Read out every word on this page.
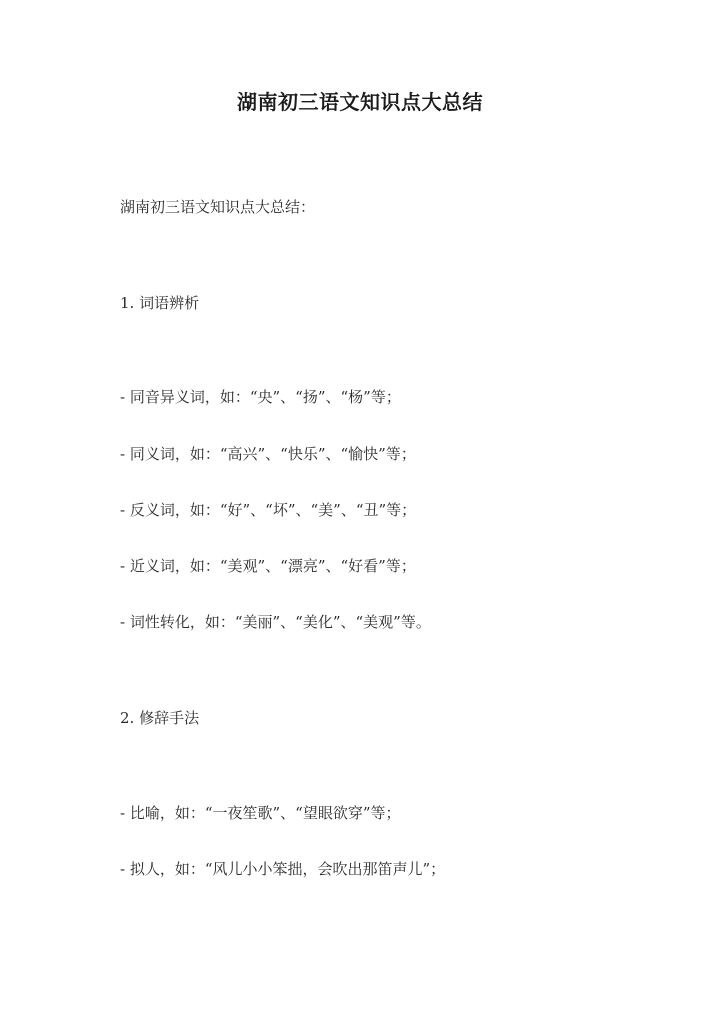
湖南初三语文知识点大总结
湖南初三语文知识点大总结：
1. 词语辨析
- 同音异义词，如：“央”、“扬”、“杨”等；
- 同义词，如：“高兴”、“快乐”、“愉快”等；
- 反义词，如：“好”、“坏”、“美”、“丑”等；
- 近义词，如：“美观”、“漂亮”、“好看”等；
- 词性转化，如：“美丽”、“美化”、“美观”等。
2. 修辞手法
- 比喻，如：“一夜笙歌”、“望眼欲穿”等；
- 拟人，如：“风儿小小笨拙，会吹出那笛声儿”；
